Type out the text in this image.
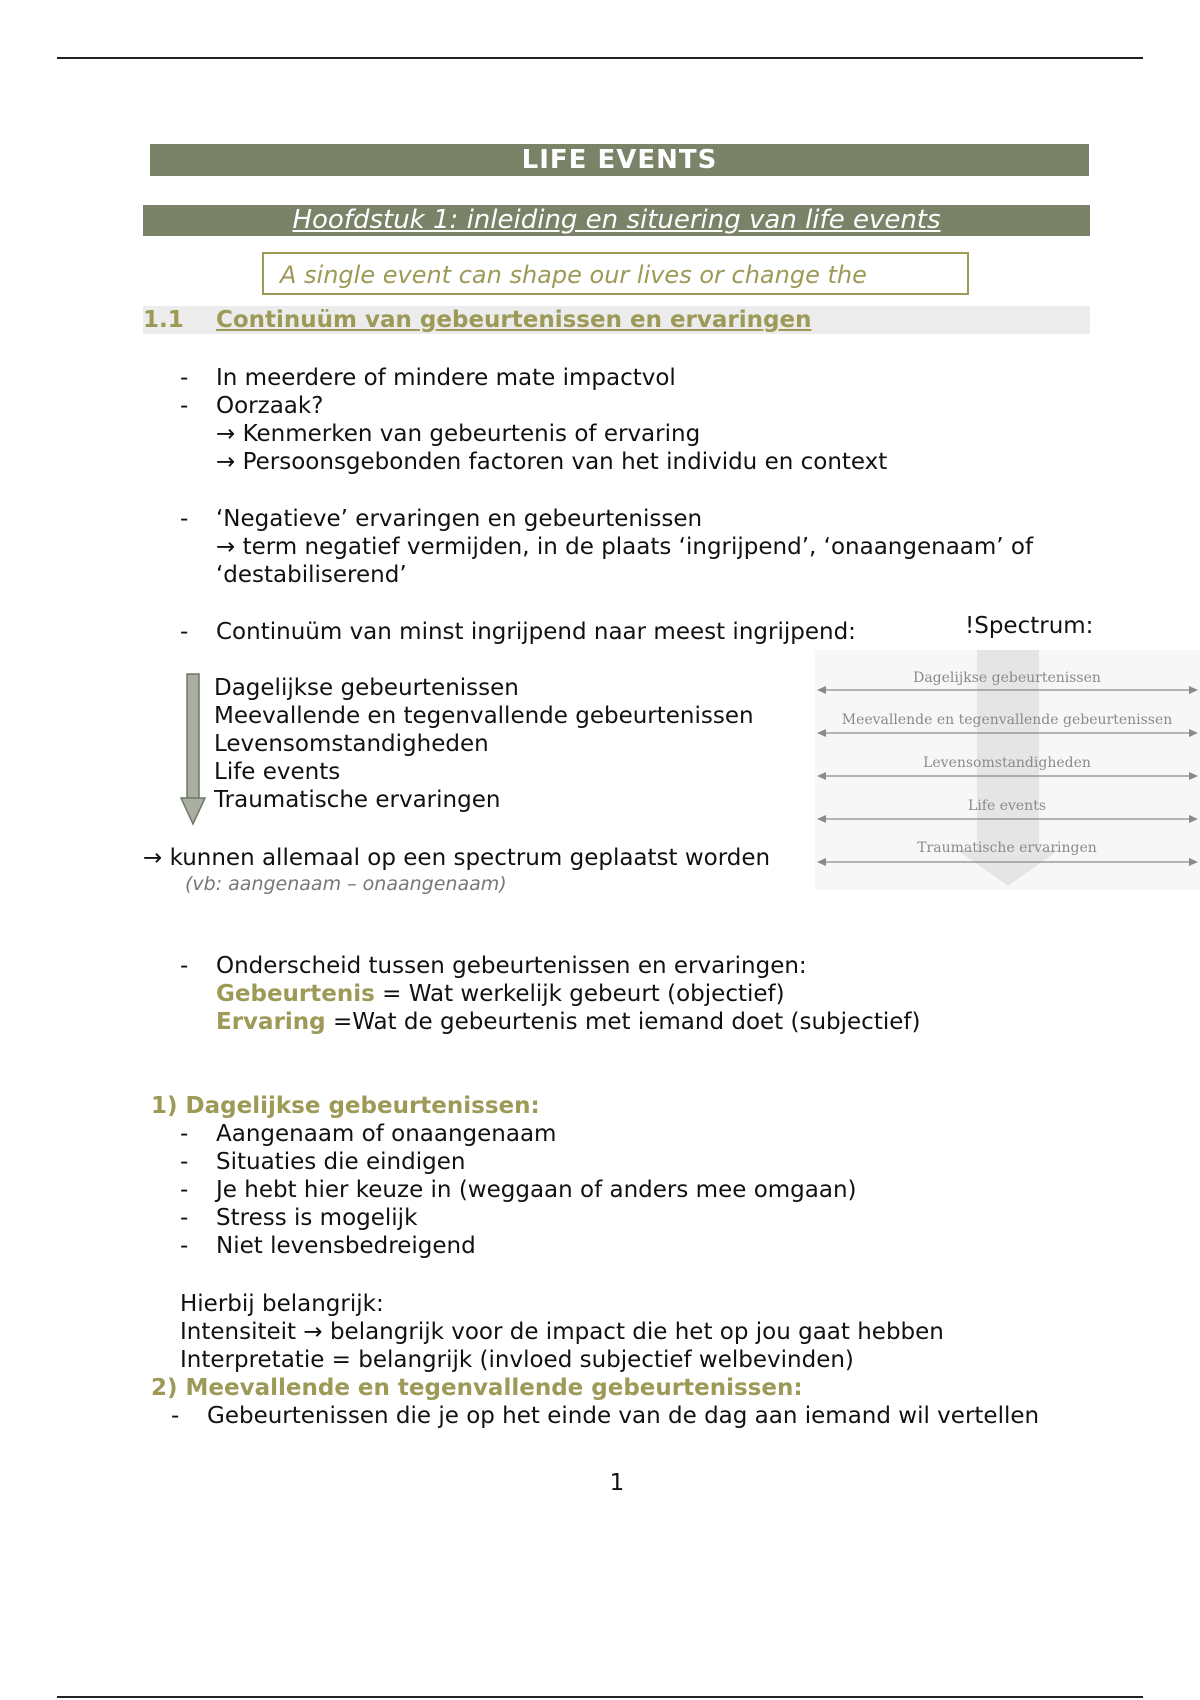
LIFE EVENTS
Hoofdstuk 1: inleiding en situering van life events
A single event can shape our lives or change the
1.1 Continuüm van gebeurtenissen en ervaringen
- In meerdere of mindere mate impactvol
- Oorzaak?
→ Kenmerken van gebeurtenis of ervaring
→ Persoonsgebonden factoren van het individu en context
- ‘Negatieve’ ervaringen en gebeurtenissen
→ term negatief vermijden, in de plaats ‘ingrijpend’, ‘onaangenaam’ of
‘destabiliserend’
- Continuüm van minst ingrijpend naar meest ingrijpend:	!Spectrum:
Dagelijkse gebeurtenissen
Meevallende en tegenvallende gebeurtenissen
Levensomstandigheden
Life events
Traumatische ervaringen
Dagelijkse gebeurtenissen
Meevallende en tegenvallende gebeurtenissen
Levensomstandigheden
Life events
Traumatische ervaringen
→ kunnen allemaal op een spectrum geplaatst worden
(vb: aangenaam – onaangenaam)
- Onderscheid tussen gebeurtenissen en ervaringen:
Gebeurtenis = Wat werkelijk gebeurt (objectief)
Ervaring =Wat de gebeurtenis met iemand doet (subjectief)
1) Dagelijkse gebeurtenissen:
- Aangenaam of onaangenaam
- Situaties die eindigen
- Je hebt hier keuze in (weggaan of anders mee omgaan)
- Stress is mogelijk
- Niet levensbedreigend
Hierbij belangrijk:
Intensiteit → belangrijk voor de impact die het op jou gaat hebben
Interpretatie = belangrijk (invloed subjectief welbevinden)
2) Meevallende en tegenvallende gebeurtenissen:
- Gebeurtenissen die je op het einde van de dag aan iemand wil vertellen
1
